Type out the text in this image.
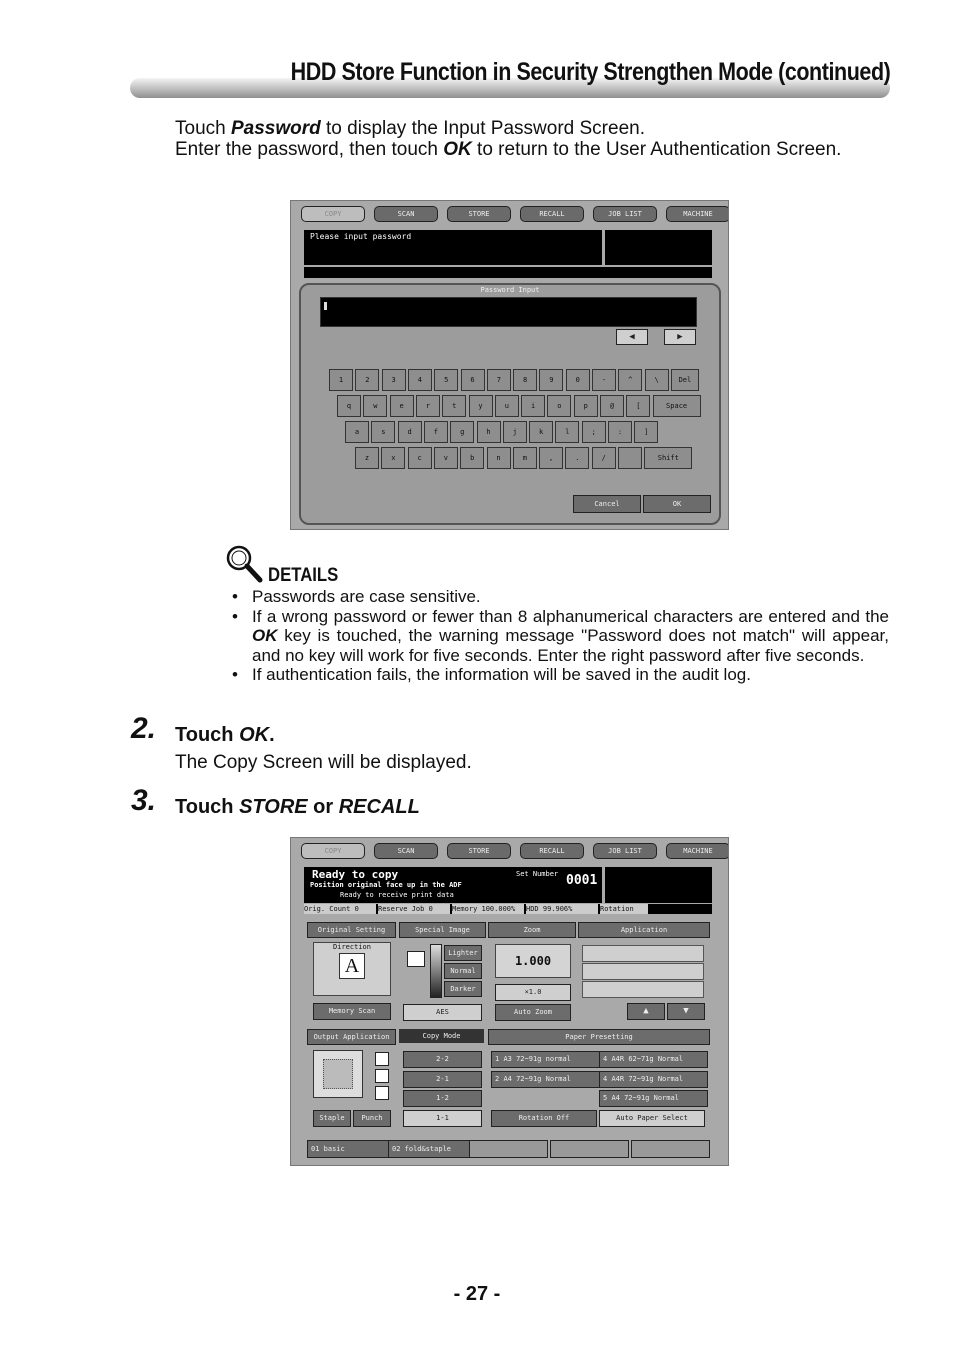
HDD Store Function in Security Strengthen Mode (continued)

Touch Password to display the Input Password Screen.

Enter the password, then touch OK to return to the User Authentication Screen.

COPY	SCAN	STORE	RECALL	JOB LIST	MACHINE
Please input password
Password Input
◀	▶
1	2	3	4	5	6	7	8	9	0	-	^	\	Del
q	w	e	r	t	y	u	i	o	p	@	[	Space
a	s	d	f	g	h	j	k	l	;	:	]
z	x	c	v	b	n	m	,	.	/	Shift
Cancel	OK
DETAILS
• Passwords are case sensitive.
• If a wrong password or fewer than 8 alphanumerical characters are entered and the OK key is touched, the warning message "Password does not match" will appear, and no key will work for five seconds. Enter the right password after five seconds.
• If authentication fails, the information will be saved in the audit log.
2. Touch OK.
The Copy Screen will be displayed.
3. Touch STORE or RECALL
COPY	SCAN	STORE	RECALL	JOB LIST	MACHINE
Ready to copy
Position original face up in the ADF
Ready to receive print data
Set Number 0001
Orig. Count 0	Reserve Job 0	Memory 100.000%	HDD 99.906%	Rotation
Original Setting	Special Image	Zoom	Application
Direction
A
Memory Scan
Lighter
Normal
Darker
AES
1.000
×1.0
Auto Zoom	▲	▼
Output Application	Copy Mode	Paper Presetting
Staple	Punch
2-2
2-1
1-2
1-1
1 A3 72~91g normal
2 A4 72~91g Normal
4 A4R 62~71g Normal
4 A4R 72~91g Normal
5 A4 72~91g Normal
Rotation Off	Auto Paper Select
01 basic	02 fold&staple
- 27 -
